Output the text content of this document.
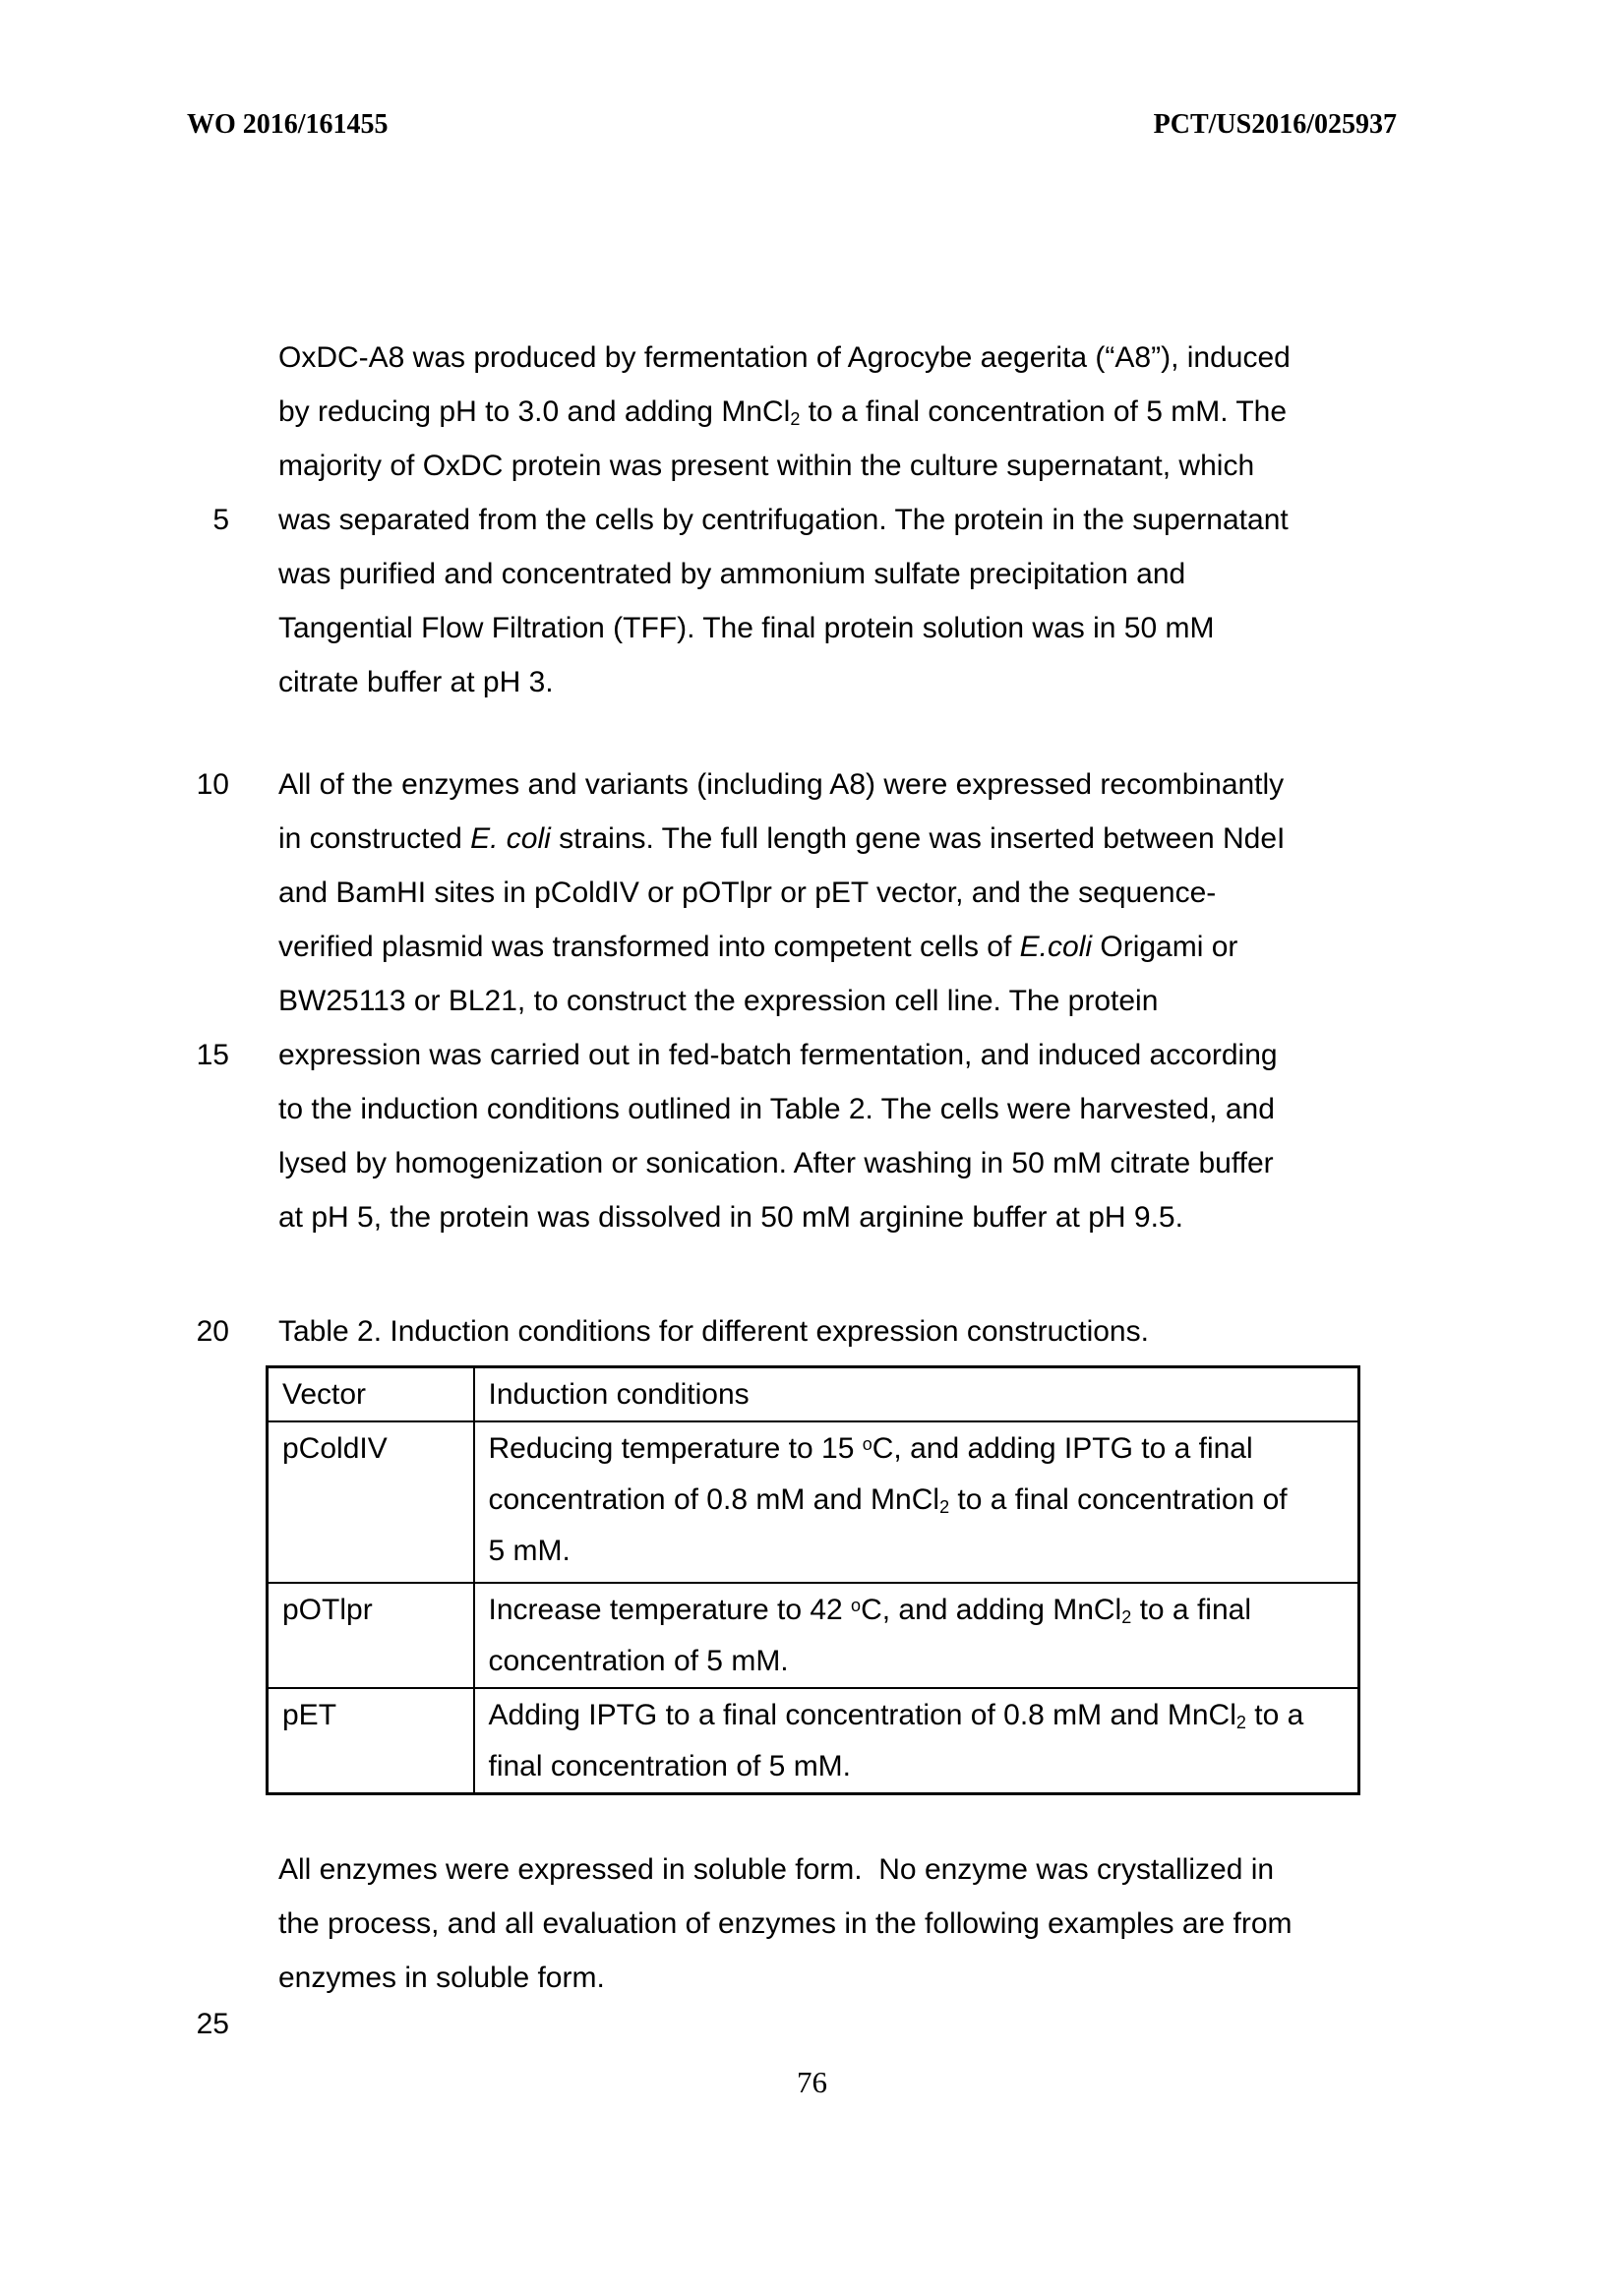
WO 2016/161455	PCT/US2016/025937
5
10
15
20
25
OxDC-A8 was produced by fermentation of Agrocybe aegerita (“A8”), induced
by reducing pH to 3.0 and adding MnCl$_2$ to a final concentration of 5 mM. The
majority of OxDC protein was present within the culture supernatant, which
was separated from the cells by centrifugation. The protein in the supernatant
was purified and concentrated by ammonium sulfate precipitation and
Tangential Flow Filtration (TFF). The final protein solution was in 50 mM
citrate buffer at pH 3.
All of the enzymes and variants (including A8) were expressed recombinantly
in constructed E. coli strains. The full length gene was inserted between NdeI
and BamHI sites in pColdIV or pOTlpr or pET vector, and the sequence-
verified plasmid was transformed into competent cells of E.coli Origami or
BW25113 or BL21, to construct the expression cell line. The protein
expression was carried out in fed-batch fermentation, and induced according
to the induction conditions outlined in Table 2. The cells were harvested, and
lysed by homogenization or sonication. After washing in 50 mM citrate buffer
at pH 5, the protein was dissolved in 50 mM arginine buffer at pH 9.5.
Table 2. Induction conditions for different expression constructions.
Vector	Induction conditions
pColdIV	Reducing temperature to 15 $^o$C, and adding IPTG to a final
concentration of 0.8 mM and MnCl$_2$ to a final concentration of
5 mM.

pOTlpr	Increase temperature to 42 $^o$C, and adding MnCl$_2$ to a final
concentration of 5 mM.

pET	Adding IPTG to a final concentration of 0.8 mM and MnCl$_2$ to a
final concentration of 5 mM.
All enzymes were expressed in soluble form.  No enzyme was crystallized in
the process, and all evaluation of enzymes in the following examples are from
enzymes in soluble form.
76
